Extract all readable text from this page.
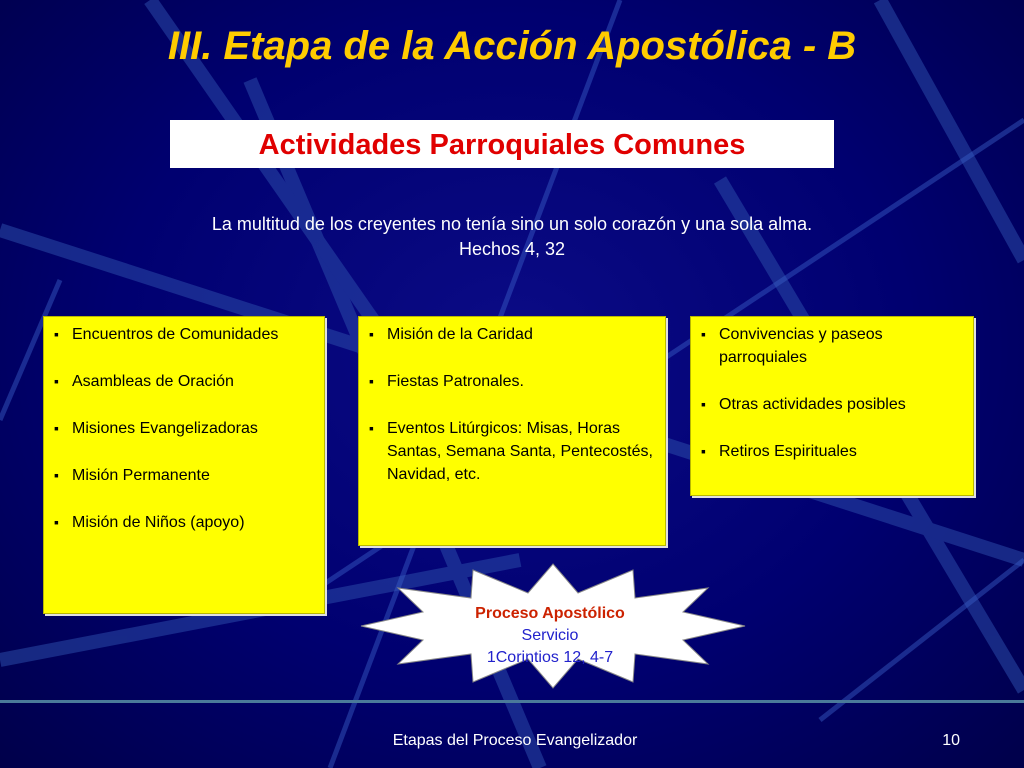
III. Etapa de la Acción Apostólica - B
Actividades Parroquiales Comunes
La multitud de los creyentes no tenía sino un solo corazón y una sola alma.
Hechos 4, 32
▪ Encuentros de Comunidades
▪ Asambleas de Oración
▪ Misiones Evangelizadoras
▪ Misión Permanente
▪ Misión de Niños (apoyo)
▪ Misión de la Caridad
▪ Fiestas Patronales.
▪ Eventos Litúrgicos: Misas, Horas Santas, Semana Santa, Pentecostés, Navidad, etc.
▪ Convivencias y paseos parroquiales
▪ Otras actividades posibles
▪ Retiros Espirituales
Proceso Apostólico
Servicio
1Corintios 12, 4-7
Etapas del Proceso Evangelizador	10
